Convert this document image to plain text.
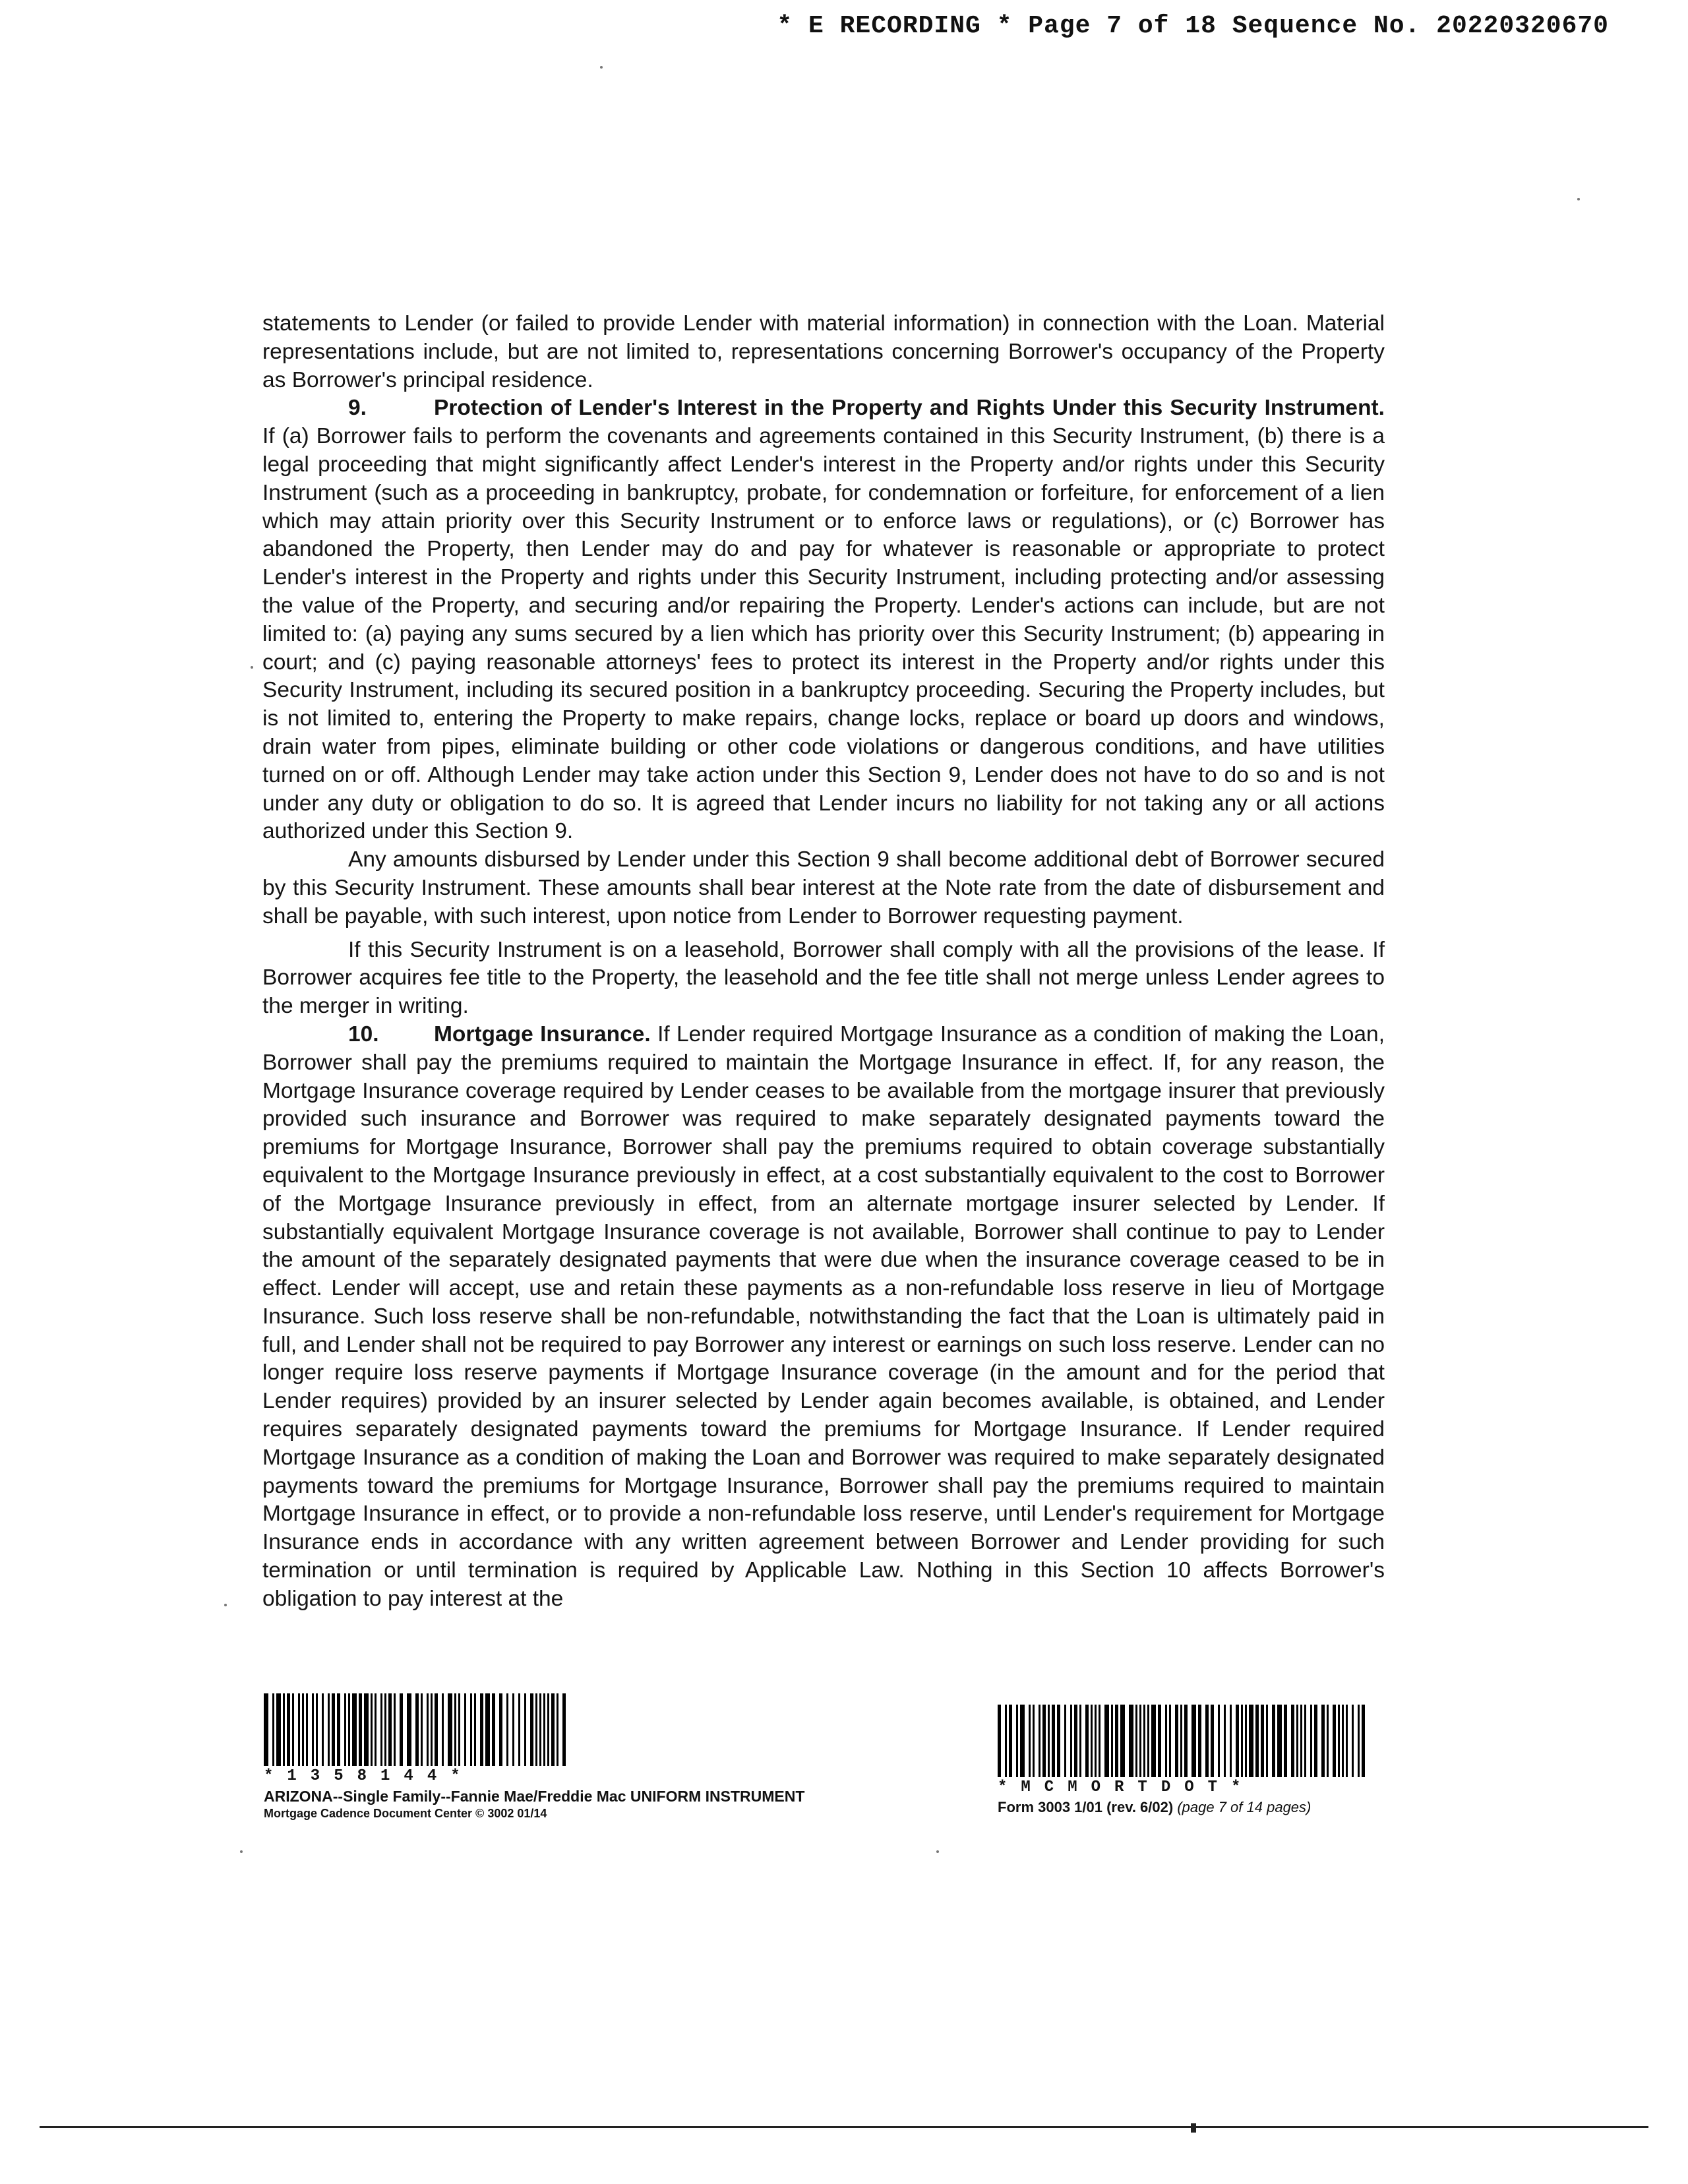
* E RECORDING * Page 7 of 18 Sequence No. 20220320670

statements to Lender (or failed to provide Lender with material information) in connection with the Loan. Material representations include, but are not limited to, representations concerning Borrower's occupancy of the Property as Borrower's principal residence.

9.	Protection of Lender's Interest in the Property and Rights Under this Security Instrument. If (a) Borrower fails to perform the covenants and agreements contained in this Security Instrument, (b) there is a legal proceeding that might significantly affect Lender's interest in the Property and/or rights under this Security Instrument (such as a proceeding in bankruptcy, probate, for condemnation or forfeiture, for enforcement of a lien which may attain priority over this Security Instrument or to enforce laws or regulations), or (c) Borrower has abandoned the Property, then Lender may do and pay for whatever is reasonable or appropriate to protect Lender's interest in the Property and rights under this Security Instrument, including protecting and/or assessing the value of the Property, and securing and/or repairing the Property. Lender's actions can include, but are not limited to: (a) paying any sums secured by a lien which has priority over this Security Instrument; (b) appearing in court; and (c) paying reasonable attorneys' fees to protect its interest in the Property and/or rights under this Security Instrument, including its secured position in a bankruptcy proceeding. Securing the Property includes, but is not limited to, entering the Property to make repairs, change locks, replace or board up doors and windows, drain water from pipes, eliminate building or other code violations or dangerous conditions, and have utilities turned on or off. Although Lender may take action under this Section 9, Lender does not have to do so and is not under any duty or obligation to do so. It is agreed that Lender incurs no liability for not taking any or all actions authorized under this Section 9.

Any amounts disbursed by Lender under this Section 9 shall become additional debt of Borrower secured by this Security Instrument. These amounts shall bear interest at the Note rate from the date of disbursement and shall be payable, with such interest, upon notice from Lender to Borrower requesting payment.

If this Security Instrument is on a leasehold, Borrower shall comply with all the provisions of the lease. If Borrower acquires fee title to the Property, the leasehold and the fee title shall not merge unless Lender agrees to the merger in writing.

10. Mortgage Insurance. If Lender required Mortgage Insurance as a condition of making the Loan, Borrower shall pay the premiums required to maintain the Mortgage Insurance in effect. If, for any reason, the Mortgage Insurance coverage required by Lender ceases to be available from the mortgage insurer that previously provided such insurance and Borrower was required to make separately designated payments toward the premiums for Mortgage Insurance, Borrower shall pay the premiums required to obtain coverage substantially equivalent to the Mortgage Insurance previously in effect, at a cost substantially equivalent to the cost to Borrower of the Mortgage Insurance previously in effect, from an alternate mortgage insurer selected by Lender. If substantially equivalent Mortgage Insurance coverage is not available, Borrower shall continue to pay to Lender the amount of the separately designated payments that were due when the insurance coverage ceased to be in effect. Lender will accept, use and retain these payments as a non-refundable loss reserve in lieu of Mortgage Insurance. Such loss reserve shall be non-refundable, notwithstanding the fact that the Loan is ultimately paid in full, and Lender shall not be required to pay Borrower any interest or earnings on such loss reserve. Lender can no longer require loss reserve payments if Mortgage Insurance coverage (in the amount and for the period that Lender requires) provided by an insurer selected by Lender again becomes available, is obtained, and Lender requires separately designated payments toward the premiums for Mortgage Insurance. If Lender required Mortgage Insurance as a condition of making the Loan and Borrower was required to make separately designated payments toward the premiums for Mortgage Insurance, Borrower shall pay the premiums required to maintain Mortgage Insurance in effect, or to provide a non-refundable loss reserve, until Lender's requirement for Mortgage Insurance ends in accordance with any written agreement between Borrower and Lender providing for such termination or until termination is required by Applicable Law. Nothing in this Section 10 affects Borrower's obligation to pay interest at the

*1358144*
ARIZONA--Single Family--Fannie Mae/Freddie Mac UNIFORM INSTRUMENT
Mortgage Cadence Document Center © 3002 01/14
*MCMORTDOT*
Form 3003 1/01 (rev. 6/02) (page 7 of 14 pages)
